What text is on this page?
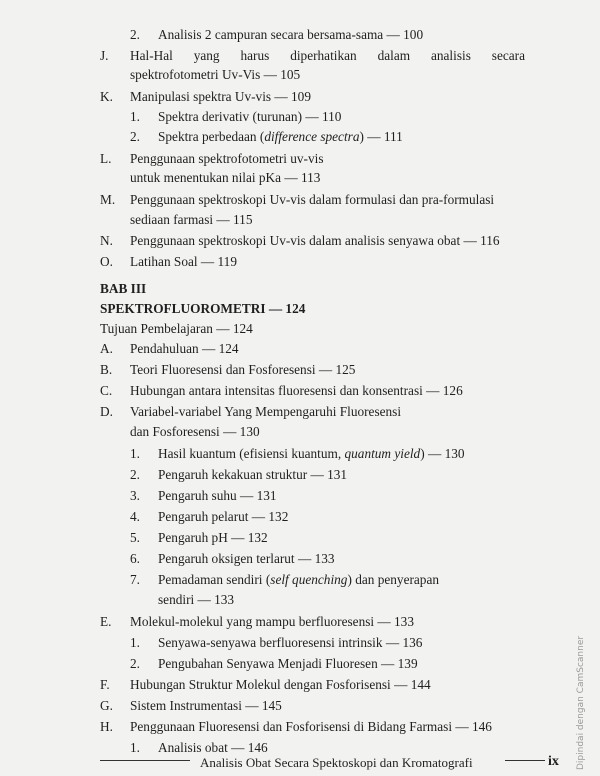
2. Analisis 2 campuran secara bersama-sama — 100
J. Hal-Hal yang harus diperhatikan dalam analisis secara
spektrofotometri Uv-Vis — 105
K. Manipulasi spektra Uv-vis — 109
1. Spektra derivativ (turunan) — 110
2. Spektra perbedaan (difference spectra) — 111
L. Penggunaan spektrofotometri uv-vis
untuk menentukan nilai pKa — 113
M. Penggunaan spektroskopi Uv-vis dalam formulasi dan pra-formulasi
sediaan farmasi — 115
N. Penggunaan spektroskopi Uv-vis dalam analisis senyawa obat — 116
O. Latihan Soal — 119
BAB III
SPEKTROFLUOROMETRI — 124
Tujuan Pembelajaran — 124
A. Pendahuluan — 124
B. Teori Fluoresensi dan Fosforesensi — 125
C. Hubungan antara intensitas fluoresensi dan konsentrasi — 126
D. Variabel-variabel Yang Mempengaruhi Fluoresensi
dan Fosforesensi — 130
1. Hasil kuantum (efisiensi kuantum, quantum yield) — 130
2. Pengaruh kekakuan struktur — 131
3. Pengaruh suhu — 131
4. Pengaruh pelarut — 132
5. Pengaruh pH — 132
6. Pengaruh oksigen terlarut — 133
7. Pemadaman sendiri (self quenching) dan penyerapan
sendiri — 133
E. Molekul-molekul yang mampu berfluoresensi — 133
1. Senyawa-senyawa berfluoresensi intrinsik — 136
2. Pengubahan Senyawa Menjadi Fluoresen — 139
F. Hubungan Struktur Molekul dengan Fosforisensi — 144
G. Sistem Instrumentasi — 145
H. Penggunaan Fluoresensi dan Fosforisensi di Bidang Farmasi — 146
1. Analisis obat — 146
Analisis Obat Secara Spektoskopi dan Kromatografi	ix Dipindai dengan CamScanner
